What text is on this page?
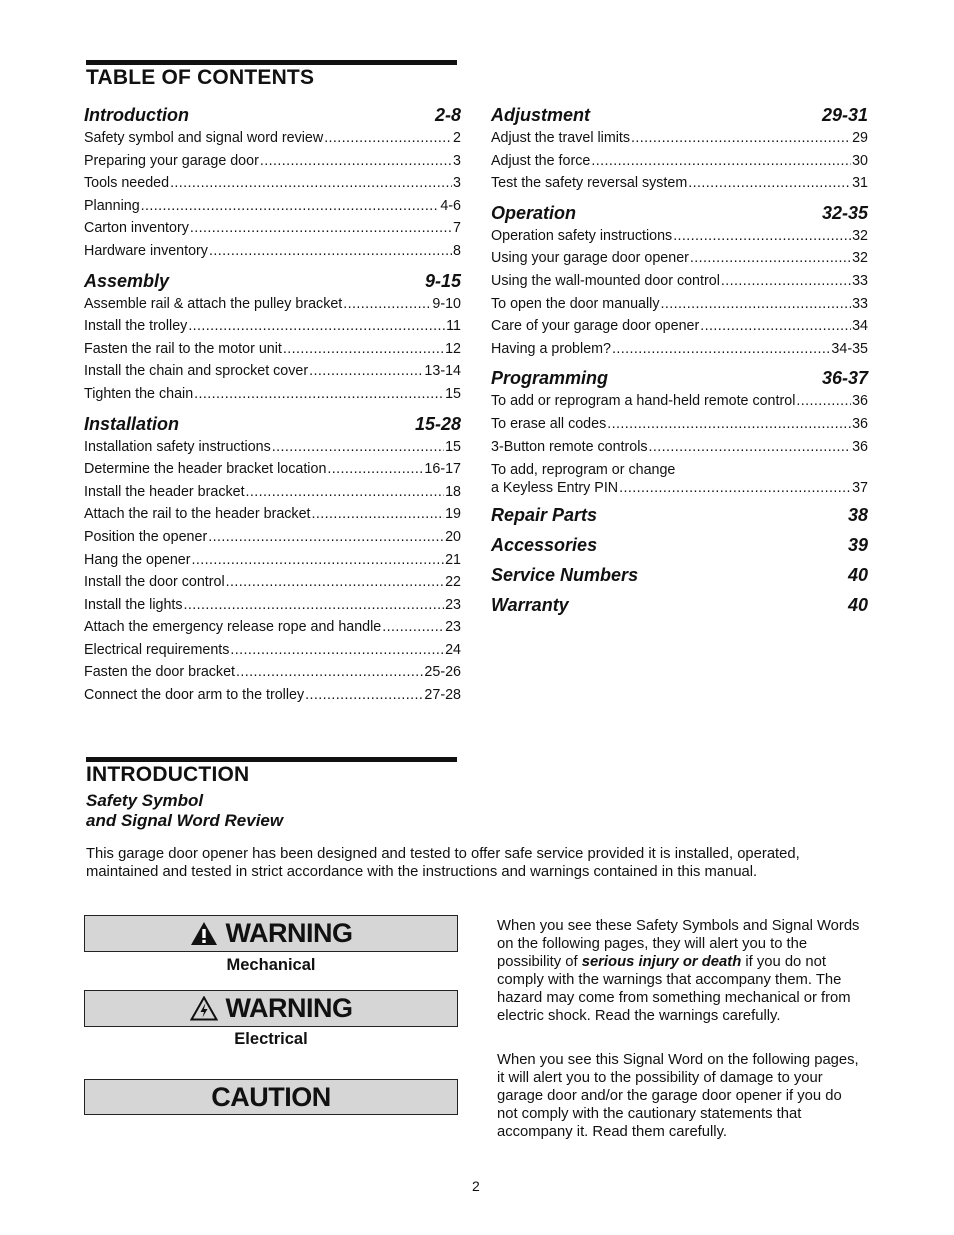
TABLE OF CONTENTS
Introduction	2-8
Safety symbol and signal word review .....	2
Preparing your garage door .....	3
Tools needed .....	3
Planning .....	4-6
Carton inventory .....	7
Hardware inventory .....	8
Assembly	9-15
Assemble rail & attach the pulley bracket .....	9-10
Install the trolley .....	11
Fasten the rail to the motor unit .....	12
Install the chain and sprocket cover .....	13-14
Tighten the chain .....	15
Installation	15-28
Installation safety instructions .....	15
Determine the header bracket location .....	16-17
Install the header bracket .....	18
Attach the rail to the header bracket .....	19
Position the opener .....	20
Hang the opener .....	21
Install the door control .....	22
Install the lights .....	23
Attach the emergency release rope and handle .....	23
Electrical requirements .....	24
Fasten the door bracket .....	25-26
Connect the door arm to the trolley .....	27-28
Adjustment	29-31
Adjust the travel limits .....	29
Adjust the force .....	30
Test the safety reversal system .....	31
Operation	32-35
Operation safety instructions .....	32
Using your garage door opener .....	32
Using the wall-mounted door control .....	33
To open the door manually .....	33
Care of your garage door opener .....	34
Having a problem? .....	34-35
Programming	36-37
To add or reprogram a hand-held remote control .....	36
To erase all codes .....	36
3-Button remote controls .....	36
To add, reprogram or change
a Keyless Entry PIN .....	37
Repair Parts	38
Accessories	39
Service Numbers	40
Warranty	40
INTRODUCTION
Safety Symbol
and Signal Word Review
This garage door opener has been designed and tested to offer safe service provided it is installed, operated, maintained and tested in strict accordance with the instructions and warnings contained in this manual.
WARNING
Mechanical
WARNING
Electrical
CAUTION
When you see these Safety Symbols and Signal Words on the following pages, they will alert you to the possibility of serious injury or death if you do not comply with the warnings that accompany them. The hazard may come from something mechanical or from electric shock. Read the warnings carefully.
When you see this Signal Word on the following pages, it will alert you to the possibility of damage to your garage door and/or the garage door opener if you do not comply with the cautionary statements that accompany it. Read them carefully.
2
